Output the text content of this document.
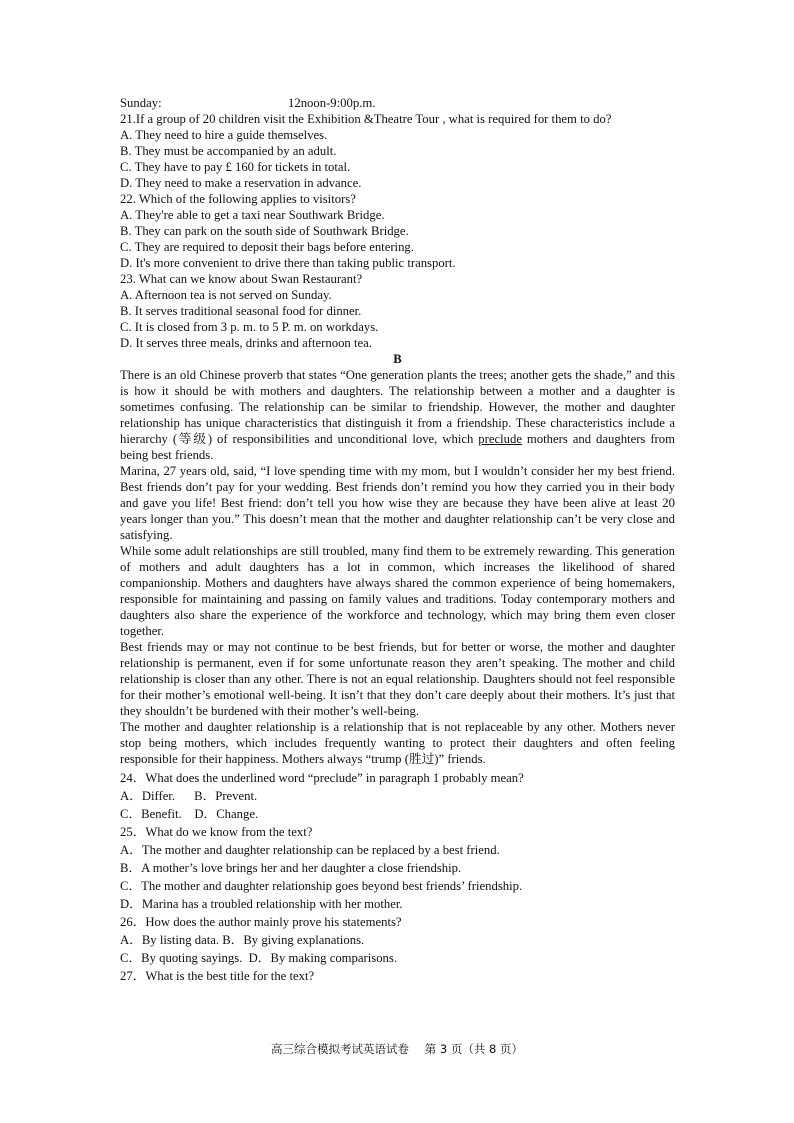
Sunday:	12noon-9:00p.m.
21.If a group of 20 children visit the Exhibition &Theatre Tour , what is required for them to do?
A. They need to hire a guide themselves.
B. They must be accompanied by an adult.
C. They have to pay £ 160 for tickets in total.
D. They need to make a reservation in advance.
22. Which of the following applies to visitors?
A. They're able to get a taxi near Southwark Bridge.
B. They can park on the south side of Southwark Bridge.
C. They are required to deposit their bags before entering.
D. It's more convenient to drive there than taking public transport.
23. What can we know about Swan Restaurant?
A. Afternoon tea is not served on Sunday.
B. It serves traditional seasonal food for dinner.
C. It is closed from 3 p. m. to 5 P. m. on workdays.
D. It serves three meals, drinks and afternoon tea.
B
There is an old Chinese proverb that states “One generation plants the trees; another gets the shade,” and this is how it should be with mothers and daughters. The relationship between a mother and a daughter is sometimes confusing. The relationship can be similar to friendship. However, the mother and daughter relationship has unique characteristics that distinguish it from a friendship. These characteristics include a hierarchy (等级) of responsibilities and unconditional love, which preclude mothers and daughters from being best friends.
Marina, 27 years old, said, “I love spending time with my mom, but I wouldn’t consider her my best friend. Best friends don’t pay for your wedding. Best friends don’t remind you how they carried you in their body and gave you life! Best friend: don’t tell you how wise they are because they have been alive at least 20 years longer than you.” This doesn’t mean that the mother and daughter relationship can’t be very close and satisfying.
While some adult relationships are still troubled, many find them to be extremely rewarding. This generation of mothers and adult daughters has a lot in common, which increases the likelihood of shared companionship. Mothers and daughters have always shared the common experience of being homemakers, responsible for maintaining and passing on family values and traditions. Today contemporary mothers and daughters also share the experience of the workforce and technology, which may bring them even closer together.
Best friends may or may not continue to be best friends, but for better or worse, the mother and daughter relationship is permanent, even if for some unfortunate reason they aren’t speaking. The mother and child relationship is closer than any other. There is not an equal relationship. Daughters should not feel responsible for their mother’s emotional well-being. It isn’t that they don’t care deeply about their mothers. It’s just that they shouldn’t be burdened with their mother’s well-being.
The mother and daughter relationship is a relationship that is not replaceable by any other. Mothers never stop being mothers, which includes frequently wanting to protect their daughters and often feeling responsible for their happiness. Mothers always “trump (胜过)” friends.
24．What does the underlined word “preclude” in paragraph 1 probably mean?
A．Differ.      B．Prevent.
C．Benefit.    D．Change.
25．What do we know from the text?
A．The mother and daughter relationship can be replaced by a best friend.
B．A mother’s love brings her and her daughter a close friendship.
C．The mother and daughter relationship goes beyond best friends’ friendship.
D．Marina has a troubled relationship with her mother.
26．How does the author mainly prove his statements?
A．By listing data. B．By giving explanations.
C．By quoting sayings.  D．By making comparisons.
27．What is the best title for the text?
高三综合模拟考试英语试卷 第 3 页（共 8 页）
